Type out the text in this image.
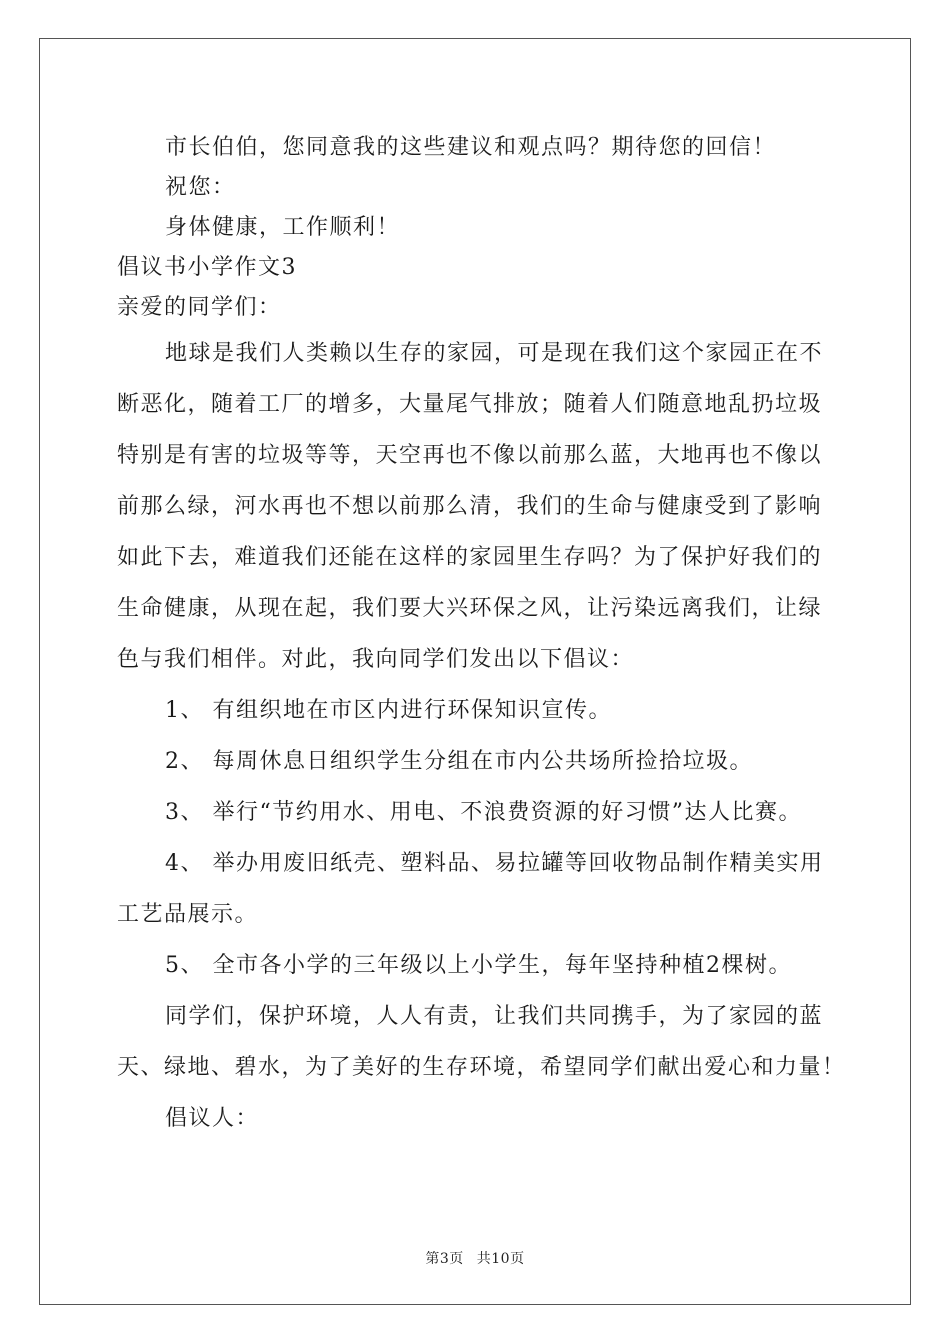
市长伯伯，您同意我的这些建议和观点吗？期待您的回信！
祝您：
身体健康，工作顺利！
倡议书小学作文3
亲爱的同学们：
地球是我们人类赖以生存的家园，可是现在我们这个家园正在不
断恶化，随着工厂的增多，大量尾气排放；随着人们随意地乱扔垃圾
特别是有害的垃圾等等，天空再也不像以前那么蓝，大地再也不像以
前那么绿，河水再也不想以前那么清，我们的生命与健康受到了影响
如此下去，难道我们还能在这样的家园里生存吗？为了保护好我们的
生命健康，从现在起，我们要大兴环保之风，让污染远离我们，让绿
色与我们相伴。对此，我向同学们发出以下倡议：
1、 有组织地在市区内进行环保知识宣传。
2、 每周休息日组织学生分组在市内公共场所捡拾垃圾。
3、 举行“节约用水、用电、不浪费资源的好习惯”达人比赛。
4、 举办用废旧纸壳、塑料品、易拉罐等回收物品制作精美实用
工艺品展示。
5、 全市各小学的三年级以上小学生，每年坚持种植2棵树。
同学们，保护环境，人人有责，让我们共同携手，为了家园的蓝
天、绿地、碧水，为了美好的生存环境，希望同学们献出爱心和力量！
倡议人：
第3页 共10页
